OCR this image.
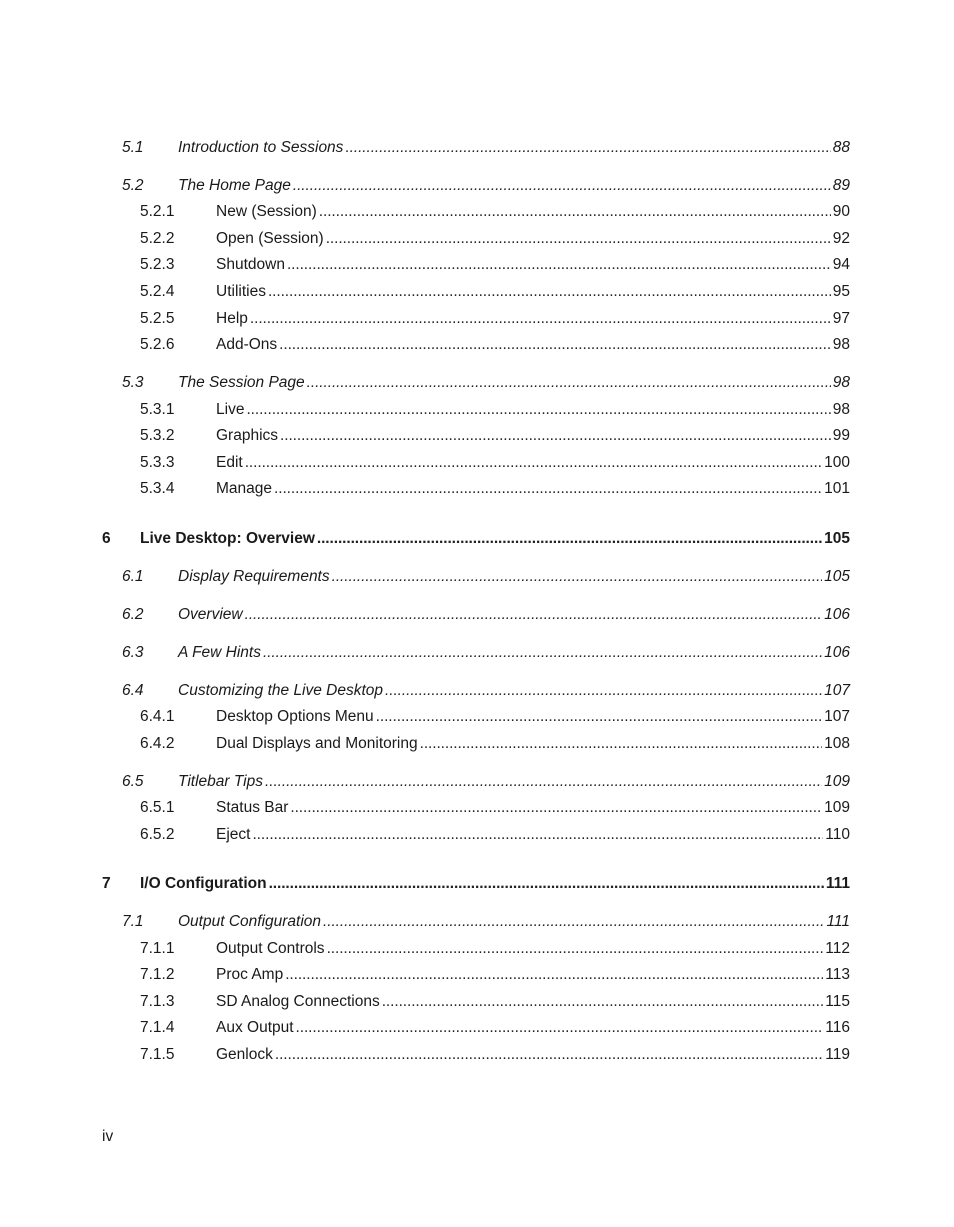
5.1 Introduction to Sessions . . .	88
5.2 The Home Page . . .	89
5.2.1	New (Session) . . .	90
5.2.2	Open (Session) . . .	92
5.2.3	Shutdown . . .	94
5.2.4	Utilities . . .	95
5.2.5	Help . . .	97
5.2.6	Add-Ons . . .	98
5.3 The Session Page . . .	98
5.3.1	Live . . .	98
5.3.2	Graphics . . .	99
5.3.3	Edit . . .	100
5.3.4	Manage . . .	101
6 Live Desktop: Overview . . .	105
6.1 Display Requirements . . .	105
6.2 Overview . . .	106
6.3 A Few Hints . . .	106
6.4 Customizing the Live Desktop . . .	107
6.4.1	Desktop Options Menu . . .	107
6.4.2	Dual Displays and Monitoring . . .	108
6.5 Titlebar Tips . . .	109
6.5.1	Status Bar . . .	109
6.5.2	Eject . . .	110
7 I/O Configuration . . .	111
7.1 Output Configuration . . .	111
7.1.1	Output Controls . . .	112
7.1.2	Proc Amp . . .	113
7.1.3	SD Analog Connections . . .	115
7.1.4	Aux Output . . .	116
7.1.5	Genlock . . .	119
iv
